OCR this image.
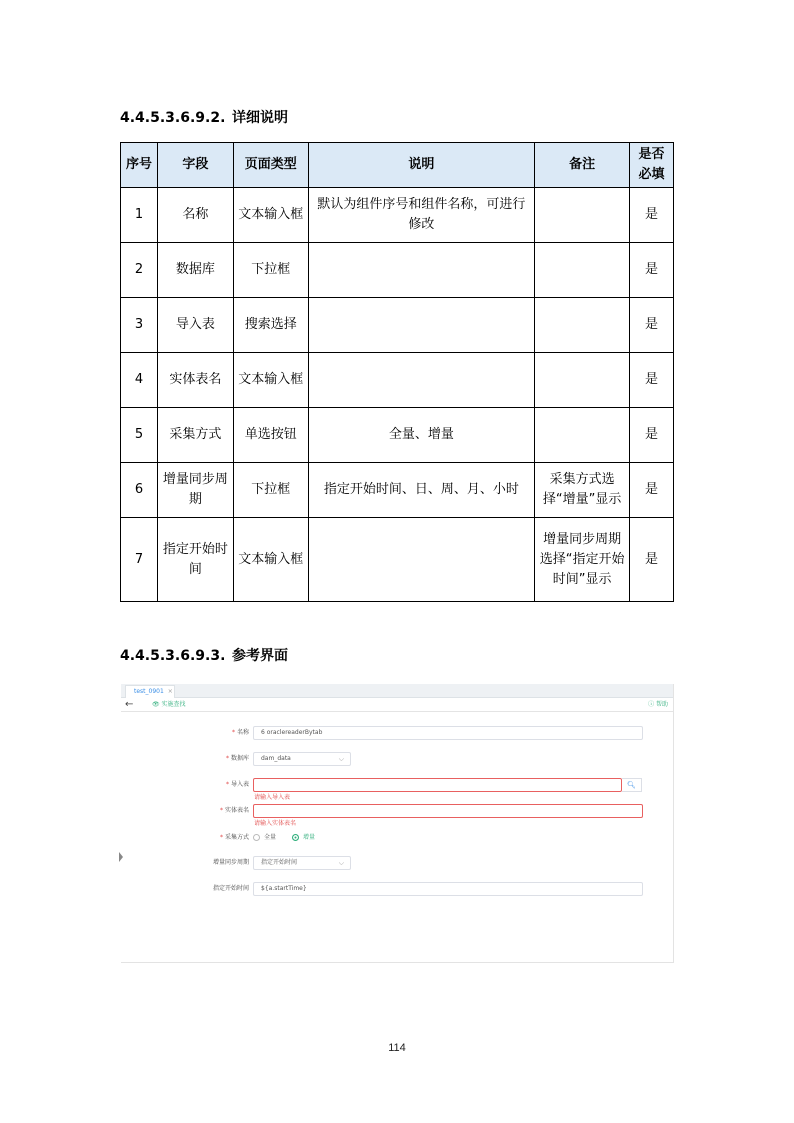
4.4.5.3.6.9.2. 详细说明
序号	字段	页面类型	说明	备注	是否必填
1	名称	文本输入框	默认为组件序号和组件名称，可进行修改		是
2	数据库	下拉框			是
3	导入表	搜索选择			是
4	实体表名	文本输入框			是
5	采集方式	单选按钮	全量、增量		是
6	增量同步周期	下拉框	指定开始时间、日、周、月、小时	采集方式选择“增量”显示	是
7	指定开始时间	文本输入框		增量同步周期选择“指定开始时间”显示	是
4.4.5.3.6.9.3. 参考界面
test_0901 ×
←	👁 实施查找	ⓘ 帮助
* 名称	6 oraclereaderBytab
* 数据库	dam_data	⌵
* 导入表	🔍︎
请输入导入表
* 实体表名
请输入实体表名
* 采集方式	全量	增量
增量同步周期	指定开始时间	⌵
指定开始时间	${a.startTime}
114
